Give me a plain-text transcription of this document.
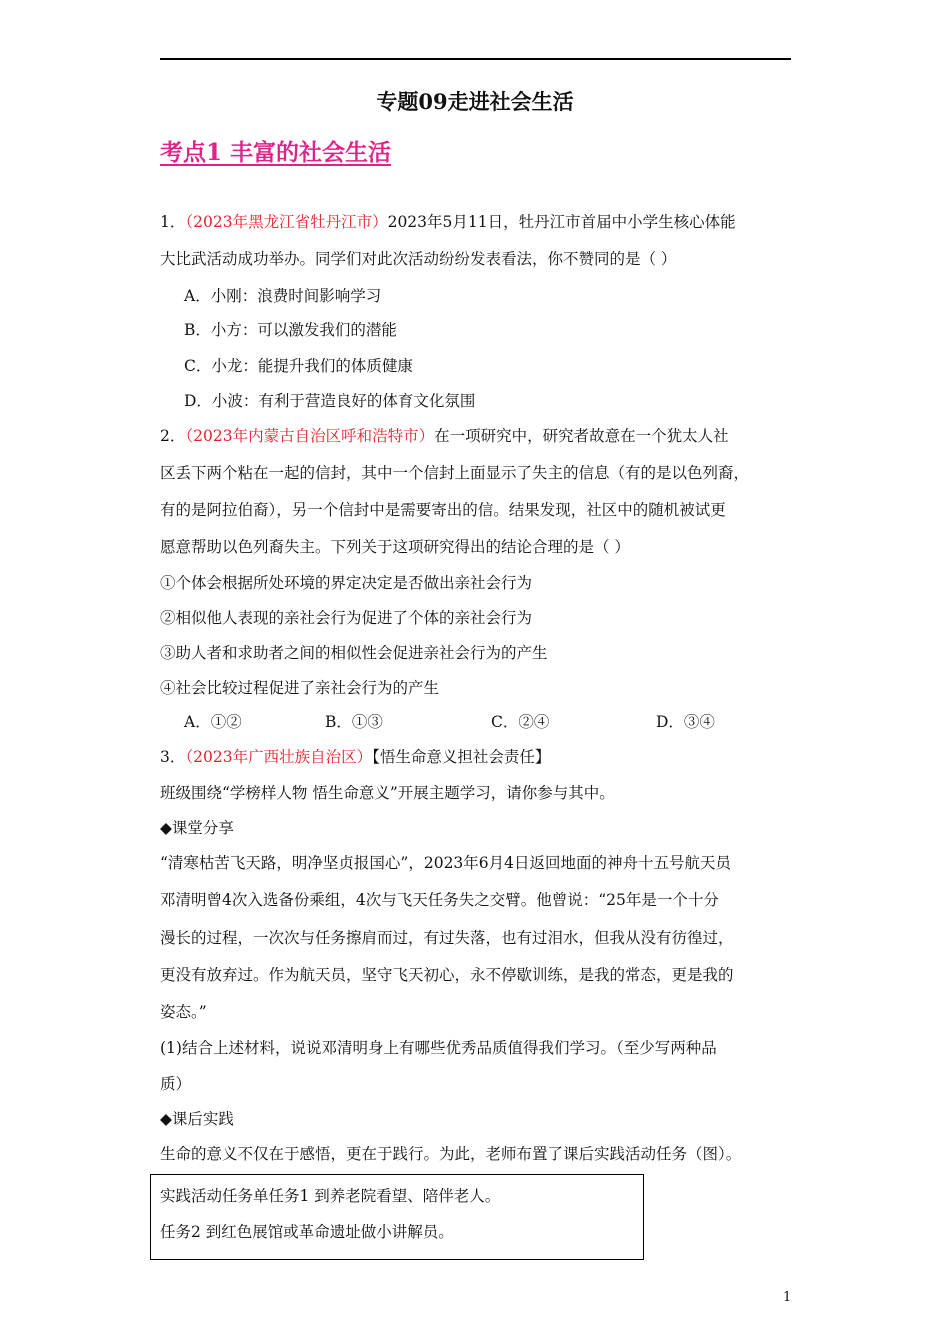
专题09走进社会生活
考点1 丰富的社会生活
1．（2023年黑龙江省牡丹江市）2023年5月11日，牡丹江市首届中小学生核心体能
大比武活动成功举办。同学们对此次活动纷纷发表看法，你不赞同的是（ ）
A．小刚：浪费时间影响学习
B．小方：可以激发我们的潜能
C．小龙：能提升我们的体质健康
D．小波：有利于营造良好的体育文化氛围
2．（2023年内蒙古自治区呼和浩特市）在一项研究中，研究者故意在一个犹太人社
区丢下两个粘在一起的信封，其中一个信封上面显示了失主的信息（有的是以色列裔，
有的是阿拉伯裔），另一个信封中是需要寄出的信。结果发现，社区中的随机被试更
愿意帮助以色列裔失主。下列关于这项研究得出的结论合理的是（ ）
①个体会根据所处环境的界定决定是否做出亲社会行为
②相似他人表现的亲社会行为促进了个体的亲社会行为
③助人者和求助者之间的相似性会促进亲社会行为的产生
④社会比较过程促进了亲社会行为的产生
A．①②	B．①③	C．②④	D．③④
3．（2023年广西壮族自治区）【悟生命意义担社会责任】
班级围绕“学榜样人物 悟生命意义”开展主题学习，请你参与其中。
◆课堂分享
“清寒枯苦飞天路，明净坚贞报国心”，2023年6月4日返回地面的神舟十五号航天员
邓清明曾4次入选备份乘组，4次与飞天任务失之交臂。他曾说：“25年是一个十分
漫长的过程，一次次与任务擦肩而过，有过失落，也有过泪水，但我从没有彷徨过，
更没有放弃过。作为航天员，坚守飞天初心，永不停歇训练，是我的常态，更是我的
姿态。”
(1)结合上述材料，说说邓清明身上有哪些优秀品质值得我们学习。（至少写两种品
质）
◆课后实践
生命的意义不仅在于感悟，更在于践行。为此，老师布置了课后实践活动任务（图）。
实践活动任务单任务1 到养老院看望、陪伴老人。
任务2 到红色展馆或革命遗址做小讲解员。
1
